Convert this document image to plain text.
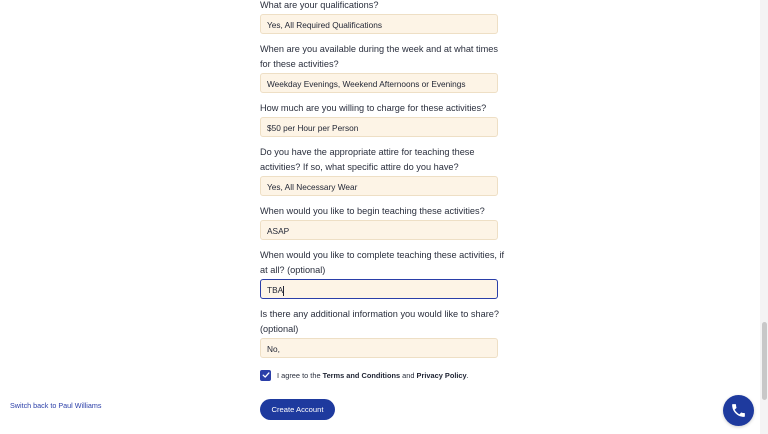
What are your qualifications?
Yes, All Required Qualifications
When are you available during the week and at what times for these activities?
Weekday Evenings, Weekend Afternoons or Evenings
How much are you willing to charge for these activities?
$50 per Hour per Person
Do you have the appropriate attire for teaching these activities? If so, what specific attire do you have?
Yes, All Necessary Wear
When would you like to begin teaching these activities?
ASAP
When would you like to complete teaching these activities, if at all? (optional)
TBA
Is there any additional information you would like to share? (optional)
No,
I agree to the Terms and Conditions and Privacy Policy.
Create Account
Switch back to Paul Williams
